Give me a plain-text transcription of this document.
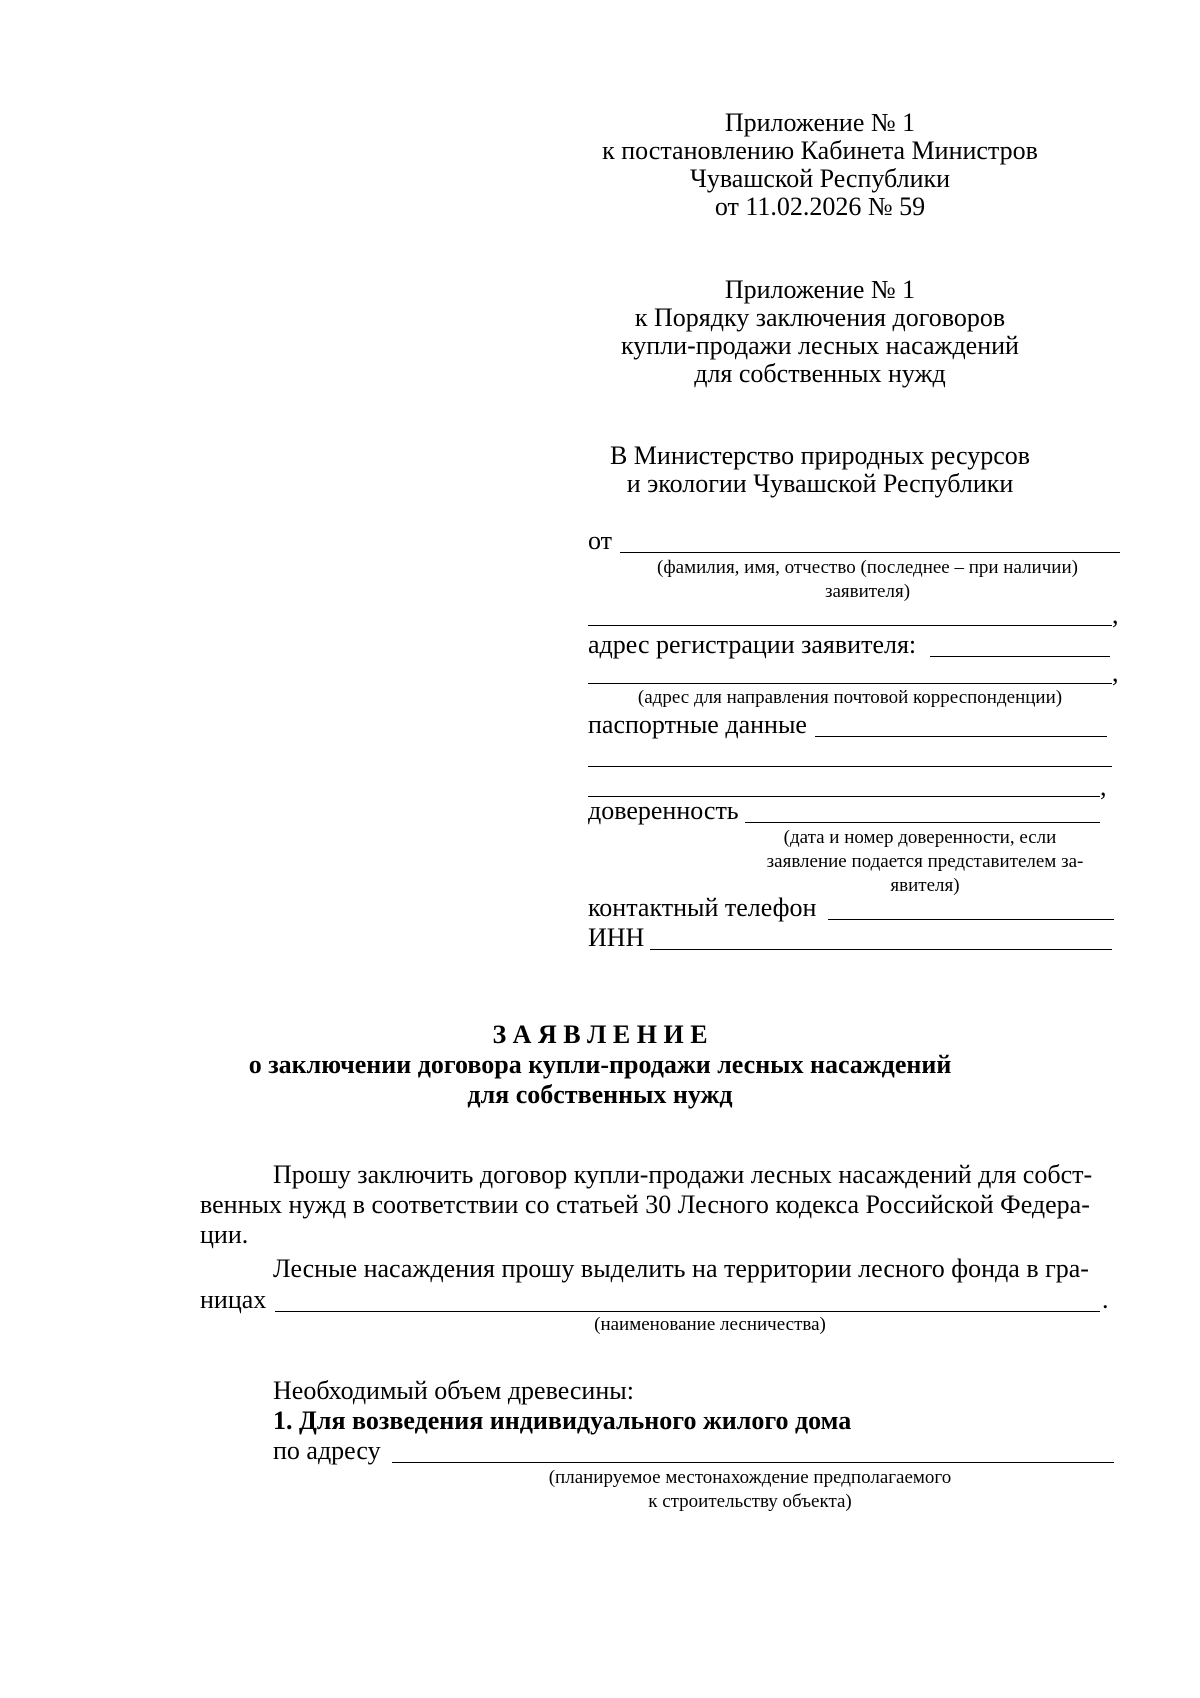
Приложение № 1
к постановлению Кабинета Министров
Чувашской Республики
от 11.02.2026 № 59
Приложение № 1
к Порядку заключения договоров
купли-продажи лесных насаждений
для собственных нужд
В Министерство природных ресурсов
и экологии Чувашской Республики
от
(фамилия, имя, отчество (последнее – при наличии)
заявителя)
,
адрес регистрации заявителя:
,
(адрес для направления почтовой корреспонденции)
паспортные данные
,
доверенность
(дата и номер доверенности, если
заявление подается представителем за-
явителя)
контактный телефон
ИНН
З А Я В Л Е Н И Е
о заключении договора купли-продажи лесных насаждений
для собственных нужд
Прошу заключить договор купли-продажи лесных насаждений для собст-
венных нужд в соответствии со статьей 30 Лесного кодекса Российской Федера-
ции.
Лесные насаждения прошу выделить на территории лесного фонда в гра-
ницах	.
(наименование лесничества)
Необходимый объем древесины:
1. Для возведения индивидуального жилого дома
по адресу
(планируемое местонахождение предполагаемого
к строительству объекта)
